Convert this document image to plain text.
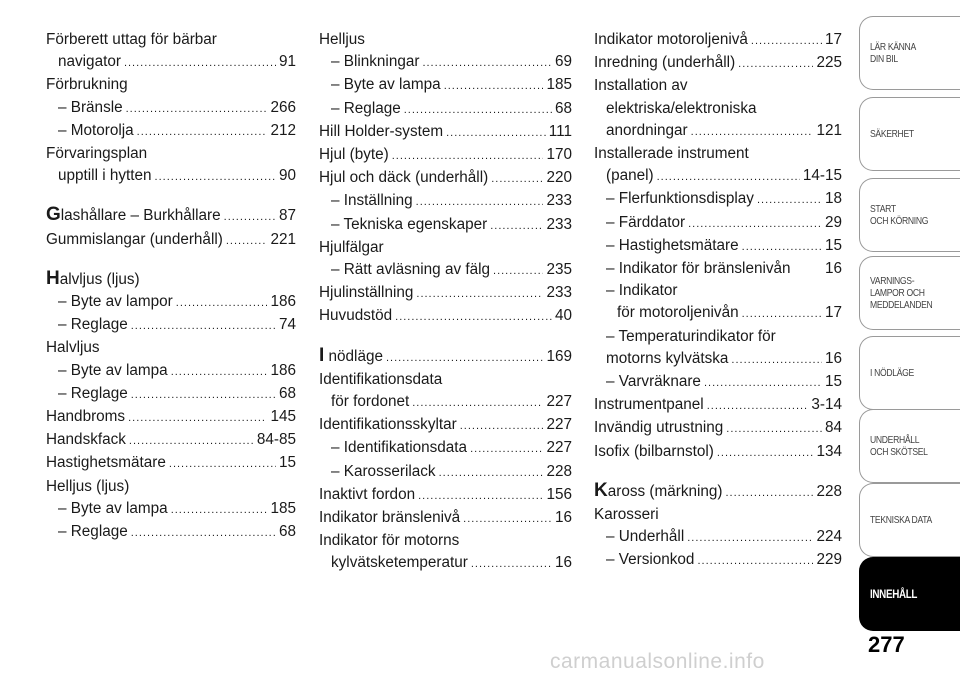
Förberett uttag för bärbar
navigator .....	91
Förbrukning
– Bränsle .....	266
– Motorolja .....	212
Förvaringsplan
upptill i hytten .....	90
Glashållare – Burkhållare .....	87
Gummislangar (underhåll) .....	221
Halvljus (ljus)
– Byte av lampor .....	186
– Reglage .....	74
Halvljus
– Byte av lampa .....	186
– Reglage .....	68
Handbroms .....	145
Handskfack .....	84-85
Hastighetsmätare .....	15
Helljus (ljus)
– Byte av lampa .....	185
– Reglage .....	68
Helljus
– Blinkningar .....	69
– Byte av lampa .....	185
– Reglage .....	68
Hill Holder-system .....	111
Hjul (byte) .....	170
Hjul och däck (underhåll) .....	220
– Inställning .....	233
– Tekniska egenskaper .....	233
Hjulfälgar
– Rätt avläsning av fälg .....	235
Hjulinställning .....	233
Huvudstöd .....	40
I nödläge .....	169
Identifikationsdata
för fordonet .....	227
Identifikationsskyltar .....	227
– Identifikationsdata .....	227
– Karosserilack .....	228
Inaktivt fordon .....	156
Indikator bränslenivå .....	16
Indikator för motorns
kylvätsketemperatur .....	16
Indikator motoroljenivå .....	17
Inredning (underhåll) .....	225
Installation av
elektriska/elektroniska
anordningar .....	121
Installerade instrument
(panel) .....	14-15
– Flerfunktionsdisplay .....	18
– Färddator .....	29
– Hastighetsmätare .....	15
– Indikator för bränslenivån 16
– Indikator
för motoroljenivån .....	17
– Temperaturindikator för
motorns kylvätska .....	16
– Varvräknare .....	15
Instrumentpanel .....	3-14
Invändig utrustning .....	84
Isofix (bilbarnstol) .....	134
Kaross (märkning) .....	228
Karosseri
– Underhåll .....	224
– Versionkod .....	229
LÄR KÄNNA
DIN BIL
SÄKERHET
START
OCH KÖRNING
VARNINGS-
LAMPOR OCH
MEDDELANDEN
I NÖDLÄGE
UNDERHÅLL
OCH SKÖTSEL
TEKNISKA DATA
INNEHÅLL
277
carmanualsonline.info
